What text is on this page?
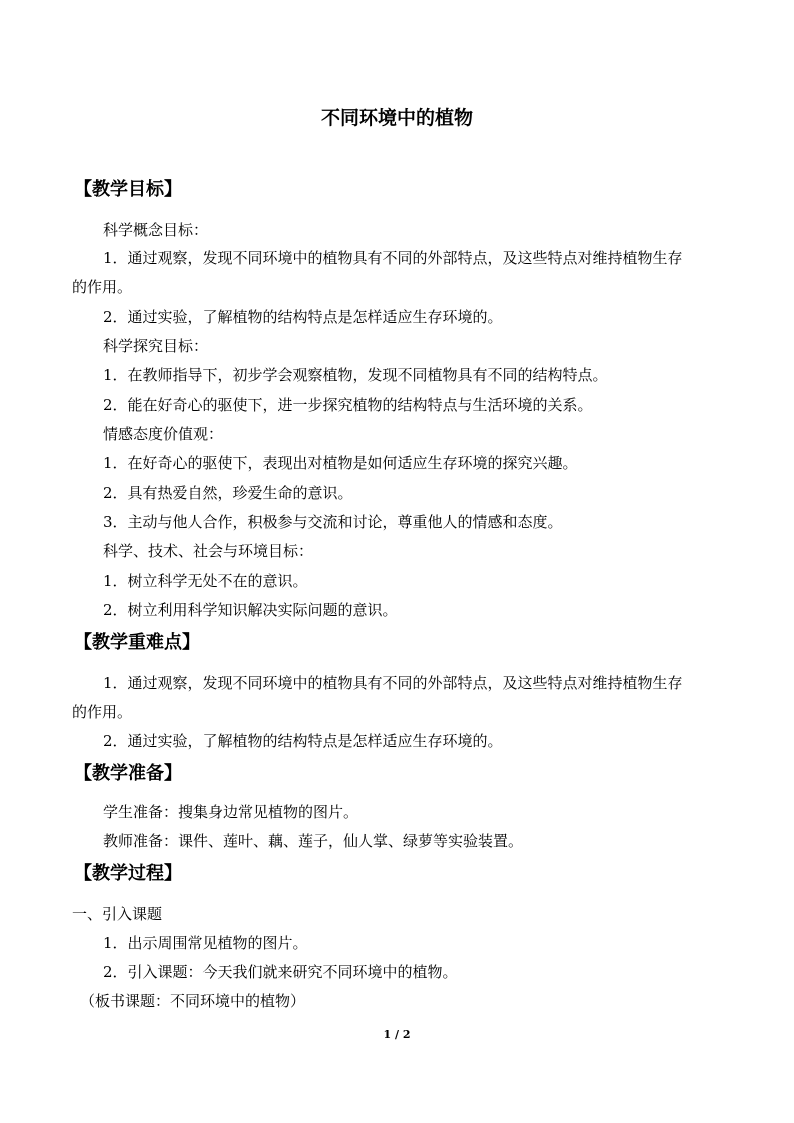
不同环境中的植物
【教学目标】
科学概念目标：
1．通过观察，发现不同环境中的植物具有不同的外部特点，及这些特点对维持植物生存
的作用。
2．通过实验，了解植物的结构特点是怎样适应生存环境的。
科学探究目标：
1．在教师指导下，初步学会观察植物，发现不同植物具有不同的结构特点。
2．能在好奇心的驱使下，进一步探究植物的结构特点与生活环境的关系。
情感态度价值观：
1．在好奇心的驱使下，表现出对植物是如何适应生存环境的探究兴趣。
2．具有热爱自然，珍爱生命的意识。
3．主动与他人合作，积极参与交流和讨论，尊重他人的情感和态度。
科学、技术、社会与环境目标：
1．树立科学无处不在的意识。
2．树立利用科学知识解决实际问题的意识。
【教学重难点】
1．通过观察，发现不同环境中的植物具有不同的外部特点，及这些特点对维持植物生存
的作用。
2．通过实验，了解植物的结构特点是怎样适应生存环境的。
【教学准备】
学生准备：搜集身边常见植物的图片。
教师准备：课件、莲叶、藕、莲子，仙人掌、绿萝等实验装置。
【教学过程】
一、引入课题
1．出示周围常见植物的图片。
2．引入课题：今天我们就来研究不同环境中的植物。
（板书课题：不同环境中的植物）
1 / 2
